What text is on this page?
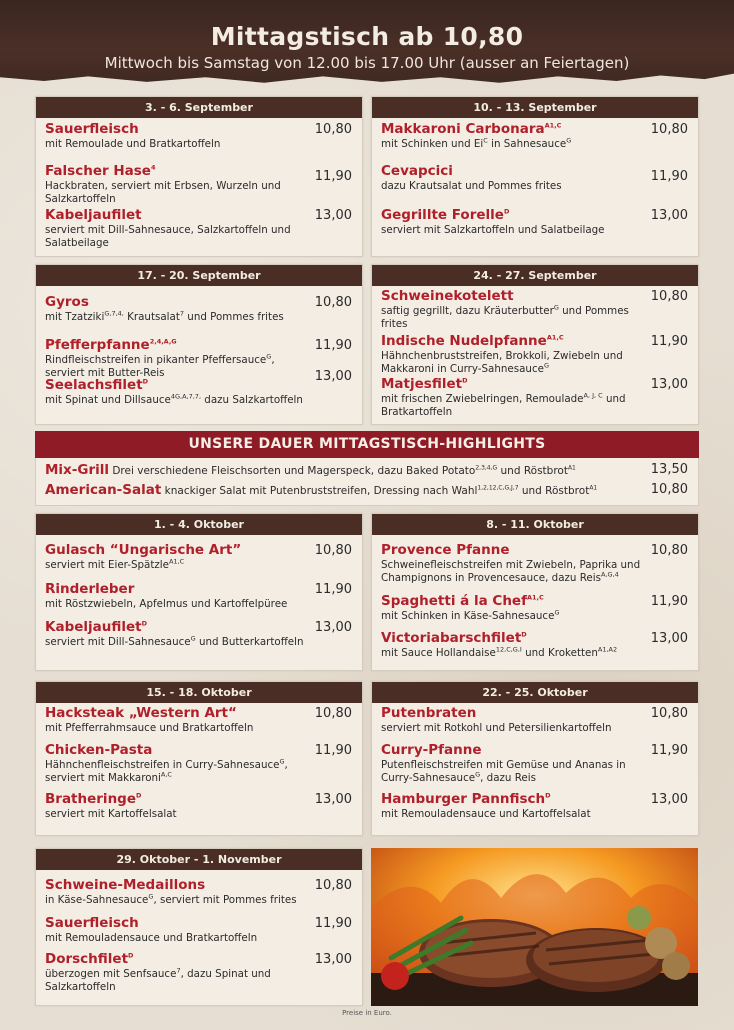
Mittagstisch ab 10,80
Mittwoch bis Samstag von 12.00 bis 17.00 Uhr (ausser an Feiertagen)
3. - 6. September
Sauerfleisch
mit Remoulade und Bratkartoffeln
10,80
Falscher Hase$^4$
Hackbraten, serviert mit Erbsen, Wurzeln und Salzkartoffeln
11,90
Kabeljaufilet
serviert mit Dill-Sahnesauce, Salzkartoffeln und Salatbeilage
13,00
10. - 13. September
Makkaroni Carbonara$^{A1,C}$
mit Schinken und $Ei^C$ in Sahnesauce$^G$
10,80
Cevapcici
dazu Krautsalat und Pommes frites
11,90
Gegrillte Forelle$^D$
serviert mit Salzkartoffeln und Salatbeilage
13,00
17. - 20. September
Gyros
mit Tzatziki$^{G,7,4,}$ Krautsalat$^7$ und Pommes frites
10,80
Pfefferpfanne$^{2,4,A,G}$
Rindfleischstreifen in pikanter Pfeffersauce$^G$, serviert mit Butter-Reis
11,90
Seelachsfilet$^D$
mit Spinat und Dillsauce$^{4G,A,7,7,}$ dazu Salzkartoffeln
13,00
24. - 27. September
Schweinekotelett
saftig gegrillt, dazu Kräuterbutter$^G$ und Pommes frites
10,80
Indische Nudelpfanne$^{A1,C}$
Hähnchenbruststreifen, Brokkoli, Zwiebeln und Makkaroni in Curry-Sahnesauce$^G$
11,90
Matjesfilet$^D$
mit frischen Zwiebelringen, Remoulade$^{A, J, C}$ und Bratkartoffeln
13,00
1. - 4. Oktober
Gulasch “Ungarische Art”
serviert mit Eier-Spätzle$^{A1,C}$
10,80
Rinderleber
mit Röstzwiebeln, Apfelmus und Kartoffelpüree
11,90
Kabeljaufilet$^D$
serviert mit Dill-Sahnesauce$^G$ und Butterkartoffeln
13,00
8. - 11. Oktober
Provence Pfanne
Schweinefleischstreifen mit Zwiebeln, Paprika und Champignons in Provencesauce, dazu Reis$^{A,G,4}$
10,80
Spaghetti á la Chef$^{A1,C}$
mit Schinken in Käse-Sahnesauce$^G$
11,90
Victoriabarschfilet$^D$
mit Sauce Hollandaise$^{12,C,G,I}$ und Kroketten$^{A1,A2}$
13,00
15. - 18. Oktober
Hacksteak „Western Art“
mit Pfefferrahmsauce und Bratkartoffeln
10,80
Chicken-Pasta
Hähnchenfleischstreifen in Curry-Sahnesauce$^G$, serviert mit Makkaroni$^{A,C}$
11,90
Bratheringe$^D$
serviert mit Kartoffelsalat
13,00
22. - 25. Oktober
Putenbraten
serviert mit Rotkohl und Petersilienkartoffeln
10,80
Curry-Pfanne
Putenfleischstreifen mit Gemüse und Ananas in Curry-Sahnesauce$^G$, dazu Reis
11,90
Hamburger Pannfisch$^D$
mit Remouladensauce und Kartoffelsalat
13,00
29. Oktober - 1. November
Schweine-Medaillons
in Käse-Sahnesauce$^G$, serviert mit Pommes frites
10,80
Sauerfleisch
mit Remouladensauce und Bratkartoffeln
11,90
Dorschfilet$^D$
überzogen mit Senfsauce$^7$, dazu Spinat und Salzkartoffeln
13,00
UNSERE DAUER MITTAGSTISCH-HIGHLIGHTS
Mix-Grill Drei verschiedene Fleischsorten und Magerspeck, dazu Baked Potato$^{2,3,4,G}$ und Röstbrot$^{A1}$	13,50
American-Salat knackiger Salat mit Putenbruststreifen, Dressing nach Wahl$^{1,2,12,C,G,J,7}$ und Röstbrot$^{A1}$	10,80
Preise in Euro.
